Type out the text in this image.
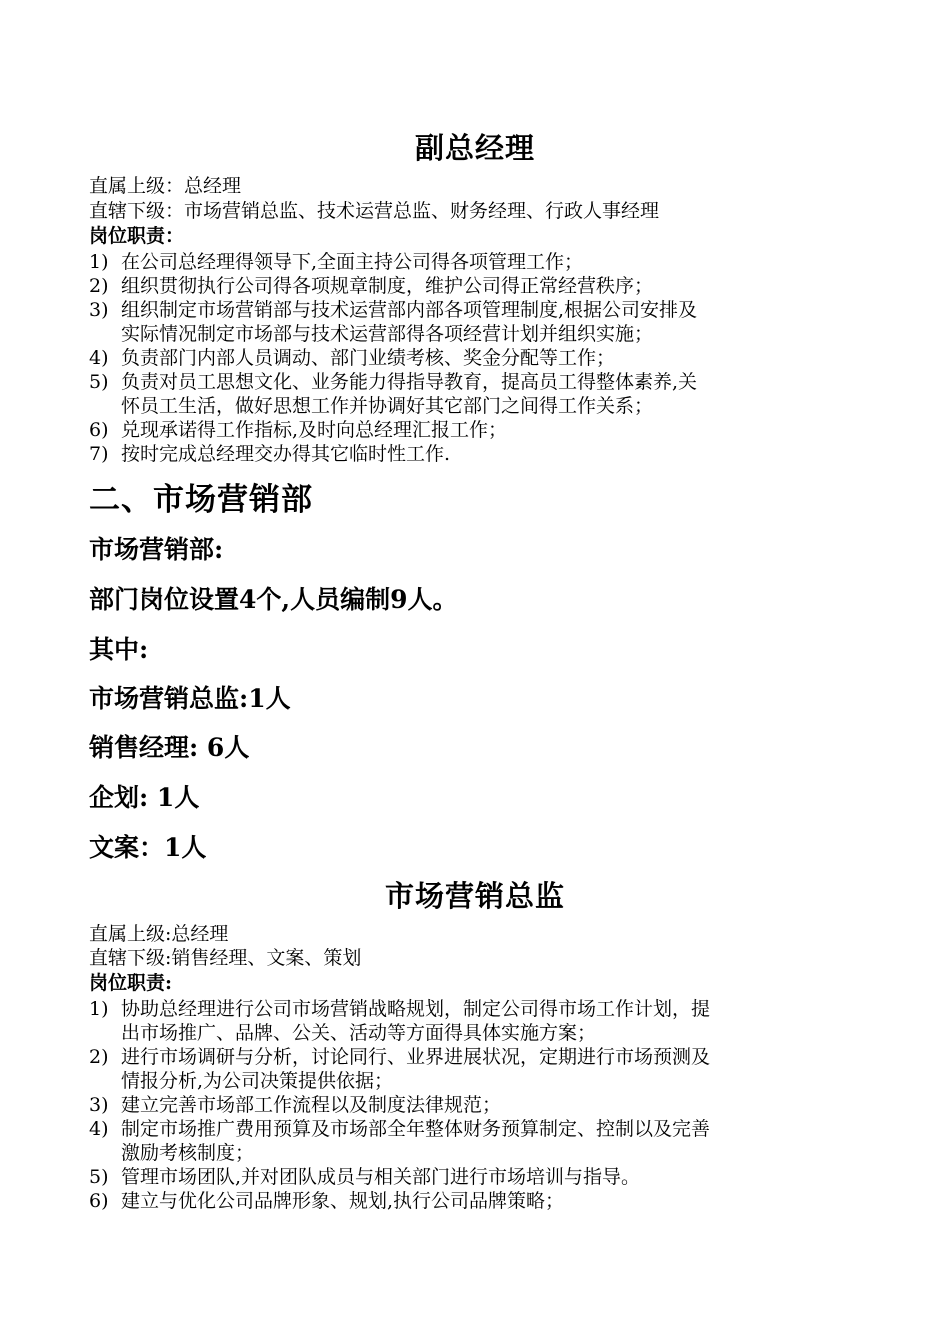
副总经理
直属上级：总经理
直辖下级：市场营销总监、技术运营总监、财务经理、行政人事经理
岗位职责：
1) 在公司总经理得领导下,全面主持公司得各项管理工作；
2) 组织贯彻执行公司得各项规章制度，维护公司得正常经营秩序；
3) 组织制定市场营销部与技术运营部内部各项管理制度,根据公司安排及
实际情况制定市场部与技术运营部得各项经营计划并组织实施；
4) 负责部门内部人员调动、部门业绩考核、奖金分配等工作；
5) 负责对员工思想文化、业务能力得指导教育，提高员工得整体素养,关
怀员工生活，做好思想工作并协调好其它部门之间得工作关系；
6) 兑现承诺得工作指标,及时向总经理汇报工作；
7) 按时完成总经理交办得其它临时性工作.
二、市场营销部
市场营销部:
部门岗位设置4个,人员编制9人。
其中:
市场营销总监:1人
销售经理: 6人
企划: 1人
文案：1人
市场营销总监
直属上级:总经理
直辖下级:销售经理、文案、策划
岗位职责:
1) 协助总经理进行公司市场营销战略规划，制定公司得市场工作计划，提
出市场推广、品牌、公关、活动等方面得具体实施方案；
2) 进行市场调研与分析，讨论同行、业界进展状况，定期进行市场预测及
情报分析,为公司决策提供依据；
3) 建立完善市场部工作流程以及制度法律规范；
4) 制定市场推广费用预算及市场部全年整体财务预算制定、控制以及完善
激励考核制度；
5) 管理市场团队,并对团队成员与相关部门进行市场培训与指导。
6) 建立与优化公司品牌形象、规划,执行公司品牌策略；
